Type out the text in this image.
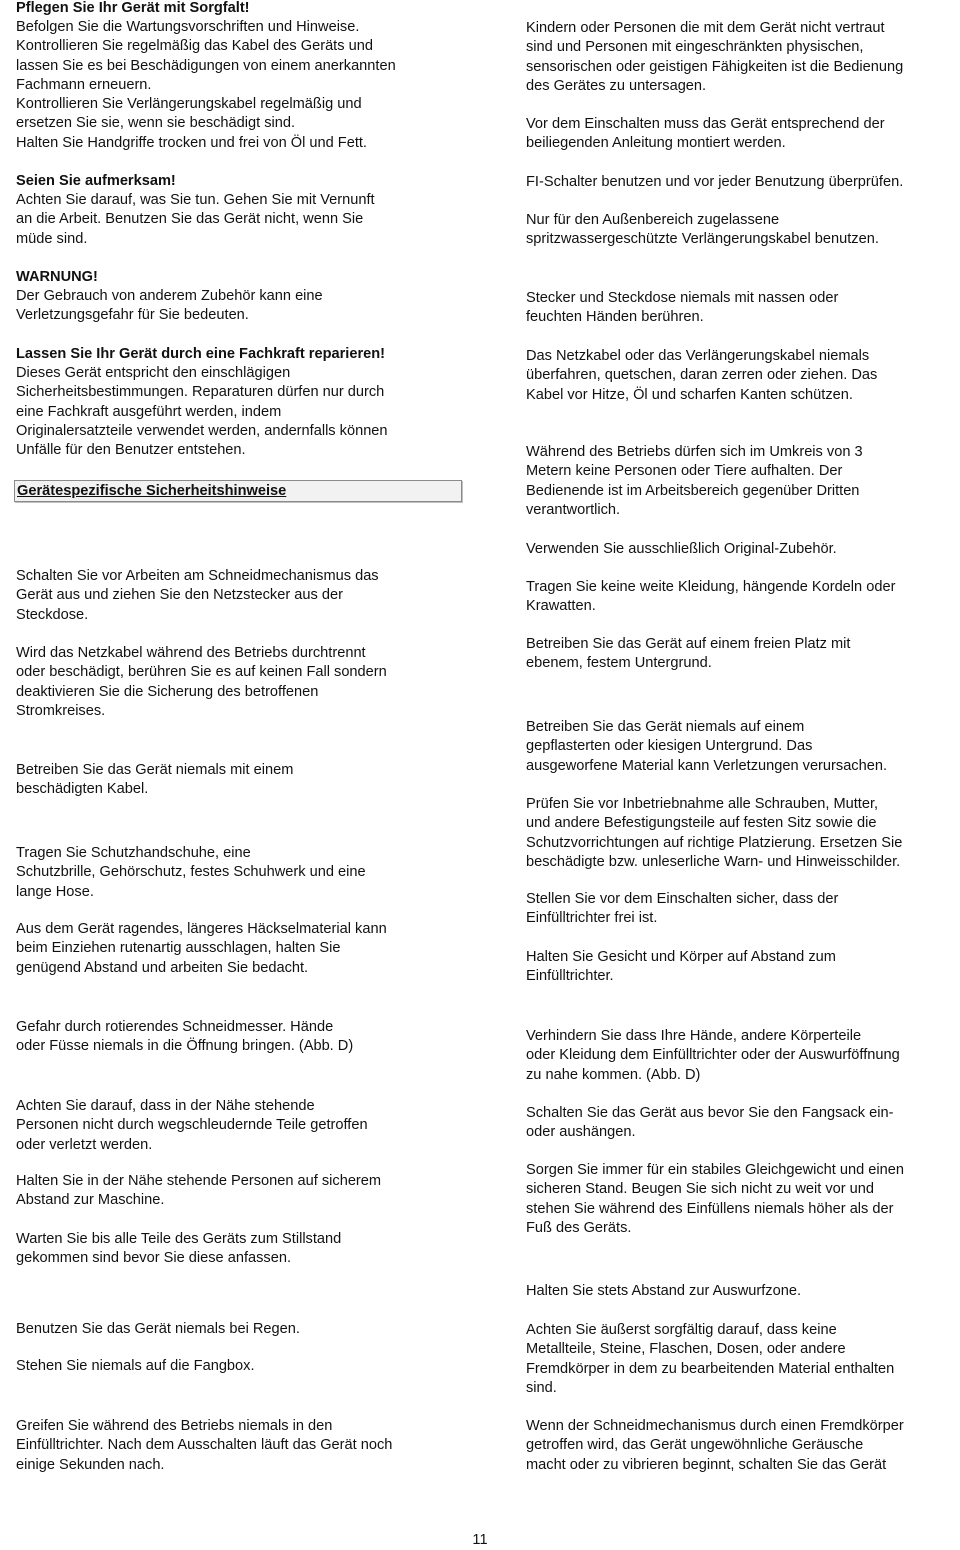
Pflegen Sie Ihr Gerät mit Sorgfalt!
Befolgen Sie die Wartungsvorschriften und Hinweise.
Kontrollieren Sie regelmäßig das Kabel des Geräts und
lassen Sie es bei Beschädigungen von einem anerkannten
Fachmann erneuern.
Kontrollieren Sie Verlängerungskabel regelmäßig und
ersetzen Sie sie, wenn sie beschädigt sind.
Halten Sie Handgriffe trocken und frei von Öl und Fett.
Seien Sie aufmerksam!
Achten Sie darauf, was Sie tun. Gehen Sie mit Vernunft
an die Arbeit. Benutzen Sie das Gerät nicht, wenn Sie
müde sind.
WARNUNG!
Der Gebrauch von anderem Zubehör kann eine
Verletzungsgefahr für Sie bedeuten.
Lassen Sie Ihr Gerät durch eine Fachkraft reparieren!
Dieses Gerät entspricht den einschlägigen
Sicherheitsbestimmungen. Reparaturen dürfen nur durch
eine Fachkraft ausgeführt werden, indem
Originalersatzteile verwendet werden, andernfalls können
Unfälle für den Benutzer entstehen.
Gerätespezifische Sicherheitshinweise
Schalten Sie vor Arbeiten am Schneidmechanismus das
Gerät aus und ziehen Sie den Netzstecker aus der
Steckdose.
Wird das Netzkabel während des Betriebs durchtrennt
oder beschädigt, berühren Sie es auf keinen Fall sondern
deaktivieren Sie die Sicherung des betroffenen
Stromkreises.
Betreiben Sie das Gerät niemals mit einem
beschädigten Kabel.
Tragen Sie Schutzhandschuhe, eine
Schutzbrille, Gehörschutz, festes Schuhwerk und eine
lange Hose.
Aus dem Gerät ragendes, längeres Häckselmaterial kann
beim Einziehen rutenartig ausschlagen, halten Sie
genügend Abstand und arbeiten Sie bedacht.
Gefahr durch rotierendes Schneidmesser. Hände
oder Füsse niemals in die Öffnung bringen. (Abb. D)
Achten Sie darauf, dass in der Nähe stehende
Personen nicht durch wegschleudernde Teile getroffen
oder verletzt werden.
Halten Sie in der Nähe stehende Personen auf sicherem
Abstand zur Maschine.
Warten Sie bis alle Teile des Geräts zum Stillstand
gekommen sind bevor Sie diese anfassen.
Benutzen Sie das Gerät niemals bei Regen.
Stehen Sie niemals auf die Fangbox.
Greifen Sie während des Betriebs niemals in den
Einfülltrichter. Nach dem Ausschalten läuft das Gerät noch
einige Sekunden nach.
Kindern oder Personen die mit dem Gerät nicht vertraut
sind und Personen mit eingeschränkten physischen,
sensorischen oder geistigen Fähigkeiten ist die Bedienung
des Gerätes zu untersagen.
Vor dem Einschalten muss das Gerät entsprechend der
beiliegenden Anleitung montiert werden.
FI-Schalter benutzen und vor jeder Benutzung überprüfen.
Nur für den Außenbereich zugelassene
spritzwassergeschützte Verlängerungskabel benutzen.
Stecker und Steckdose niemals mit nassen oder
feuchten Händen berühren.
Das Netzkabel oder das Verlängerungskabel niemals
überfahren, quetschen, daran zerren oder ziehen. Das
Kabel vor Hitze, Öl und scharfen Kanten schützen.
Während des Betriebs dürfen sich im Umkreis von 3
Metern keine Personen oder Tiere aufhalten. Der
Bedienende ist im Arbeitsbereich gegenüber Dritten
verantwortlich.
Verwenden Sie ausschließlich Original-Zubehör.
Tragen Sie keine weite Kleidung, hängende Kordeln oder
Krawatten.
Betreiben Sie das Gerät auf einem freien Platz mit
ebenem, festem Untergrund.
Betreiben Sie das Gerät niemals auf einem
gepflasterten oder kiesigen Untergrund. Das
ausgeworfene Material kann Verletzungen verursachen.
Prüfen Sie vor Inbetriebnahme alle Schrauben, Mutter,
und andere Befestigungsteile auf festen Sitz sowie die
Schutzvorrichtungen auf richtige Platzierung. Ersetzen Sie
beschädigte bzw. unleserliche Warn- und Hinweisschilder.
Stellen Sie vor dem Einschalten sicher, dass der
Einfülltrichter frei ist.
Halten Sie Gesicht und Körper auf Abstand zum
Einfülltrichter.
Verhindern Sie dass Ihre Hände, andere Körperteile
oder Kleidung dem Einfülltrichter oder der Auswurföffnung
zu nahe kommen. (Abb. D)
Schalten Sie das Gerät aus bevor Sie den Fangsack ein-
oder aushängen.
Sorgen Sie immer für ein stabiles Gleichgewicht und einen
sicheren Stand. Beugen Sie sich nicht zu weit vor und
stehen Sie während des Einfüllens niemals höher als der
Fuß des Geräts.
Halten Sie stets Abstand zur Auswurfzone.
Achten Sie äußerst sorgfältig darauf, dass keine
Metallteile, Steine, Flaschen, Dosen, oder andere
Fremdkörper in dem zu bearbeitenden Material enthalten
sind.
Wenn der Schneidmechanismus durch einen Fremdkörper
getroffen wird, das Gerät ungewöhnliche Geräusche
macht oder zu vibrieren beginnt, schalten Sie das Gerät
11
